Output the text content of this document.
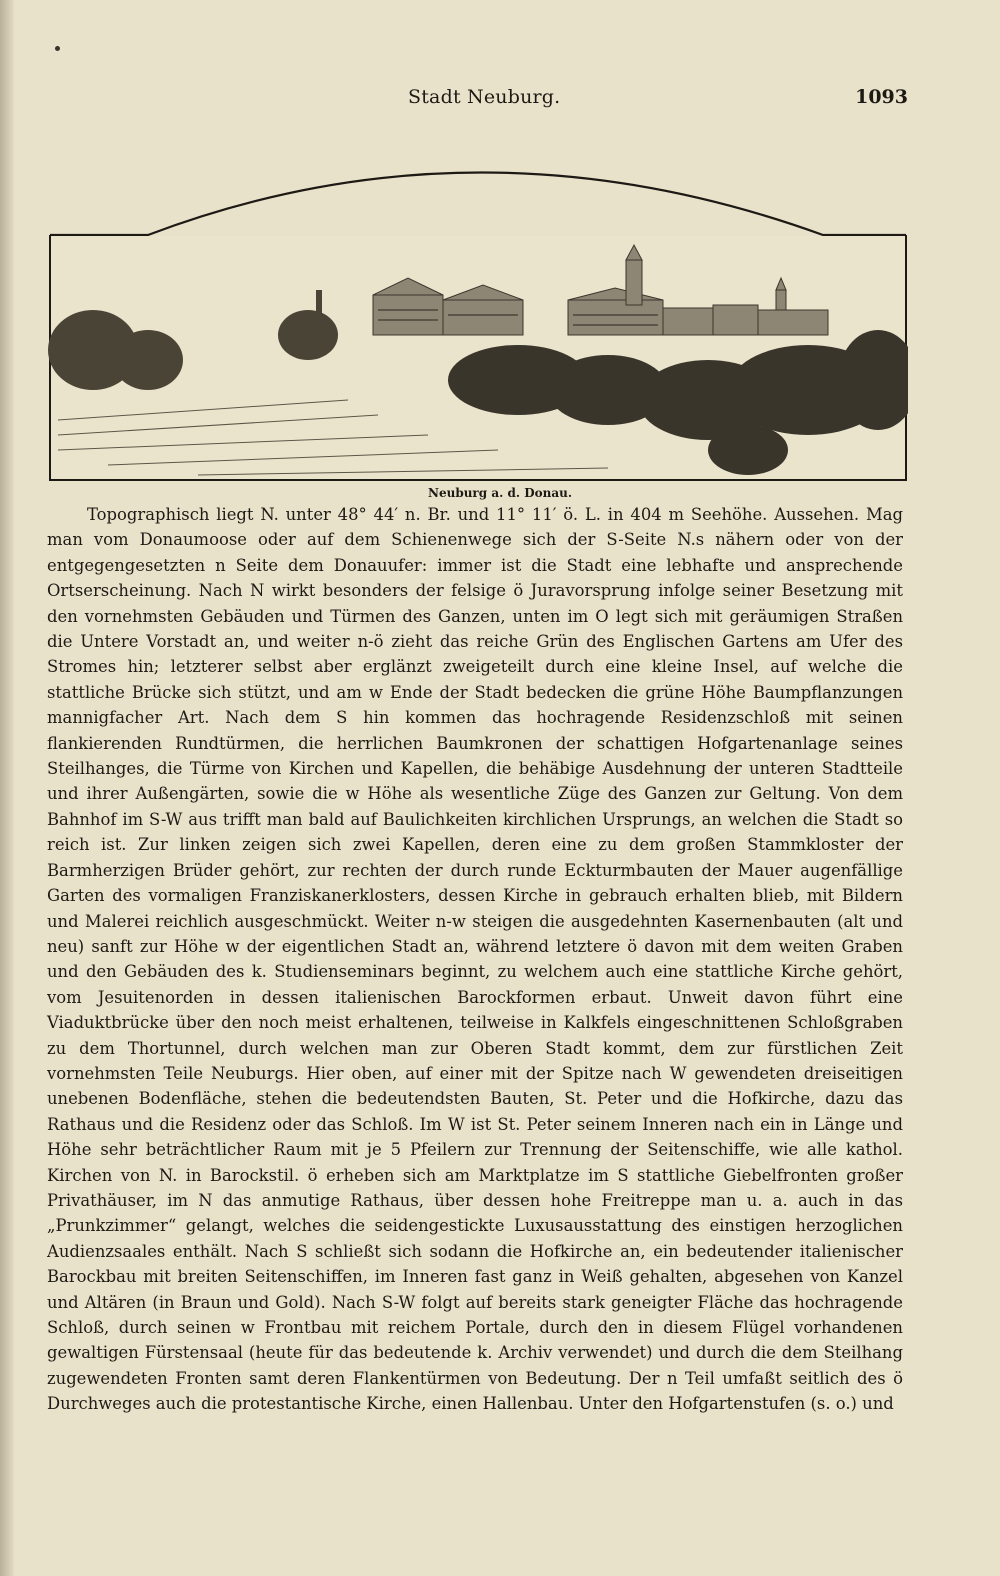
Stadt Neuburg.	1093
Neuburg a. d. Donau.

Topographisch liegt N. unter 48° 44′ n. Br. und 11° 11′ ö. L. in 404 m Seehöhe. Aussehen. Mag man vom Donaumoose oder auf dem Schienenwege sich der S-Seite N.s nähern oder von der entgegengesetzten n Seite dem Donauufer: immer ist die Stadt eine lebhafte und ansprechende Ortserscheinung. Nach N wirkt besonders der felsige ö Juravorsprung infolge seiner Besetzung mit den vornehmsten Gebäuden und Türmen des Ganzen, unten im O legt sich mit geräumigen Straßen die Untere Vorstadt an, und weiter n-ö zieht das reiche Grün des Englischen Gartens am Ufer des Stromes hin; letzterer selbst aber erglänzt zweigeteilt durch eine kleine Insel, auf welche die stattliche Brücke sich stützt, und am w Ende der Stadt bedecken die grüne Höhe Baumpflanzungen mannigfacher Art. Nach dem S hin kommen das hochragende Residenzschloß mit seinen flankierenden Rundtürmen, die herrlichen Baumkronen der schattigen Hofgartenanlage seines Steilhanges, die Türme von Kirchen und Kapellen, die behäbige Ausdehnung der unteren Stadtteile und ihrer Außengärten, sowie die w Höhe als wesentliche Züge des Ganzen zur Geltung. Von dem Bahnhof im S-W aus trifft man bald auf Baulichkeiten kirchlichen Ursprungs, an welchen die Stadt so reich ist. Zur linken zeigen sich zwei Kapellen, deren eine zu dem großen Stammkloster der Barmherzigen Brüder gehört, zur rechten der durch runde Eckturmbauten der Mauer augenfällige Garten des vormaligen Franziskanerklosters, dessen Kirche in gebrauch erhalten blieb, mit Bildern und Malerei reichlich ausgeschmückt. Weiter n-w steigen die ausgedehnten Kasernenbauten (alt und neu) sanft zur Höhe w der eigentlichen Stadt an, während letztere ö davon mit dem weiten Graben und den Gebäuden des k. Studienseminars beginnt, zu welchem auch eine stattliche Kirche gehört, vom Jesuitenorden in dessen italienischen Barockformen erbaut. Unweit davon führt eine Viaduktbrücke über den noch meist erhaltenen, teilweise in Kalkfels eingeschnittenen Schloßgraben zu dem Thortunnel, durch welchen man zur Oberen Stadt kommt, dem zur fürstlichen Zeit vornehmsten Teile Neuburgs. Hier oben, auf einer mit der Spitze nach W gewendeten dreiseitigen unebenen Bodenfläche, stehen die bedeutendsten Bauten, St. Peter und die Hofkirche, dazu das Rathaus und die Residenz oder das Schloß. Im W ist St. Peter seinem Inneren nach ein in Länge und Höhe sehr beträchtlicher Raum mit je 5 Pfeilern zur Trennung der Seitenschiffe, wie alle kathol. Kirchen von N. in Barockstil. ö erheben sich am Marktplatze im S stattliche Giebelfronten großer Privathäuser, im N das anmutige Rathaus, über dessen hohe Freitreppe man u. a. auch in das „Prunkzimmer“ gelangt, welches die seidengestickte Luxusausstattung des einstigen herzoglichen Audienzsaales enthält. Nach S schließt sich sodann die Hofkirche an, ein bedeutender italienischer Barockbau mit breiten Seitenschiffen, im Inneren fast ganz in Weiß gehalten, abgesehen von Kanzel und Altären (in Braun und Gold). Nach S-W folgt auf bereits stark geneigter Fläche das hochragende Schloß, durch seinen w Frontbau mit reichem Portale, durch den in diesem Flügel vorhandenen gewaltigen Fürstensaal (heute für das bedeutende k. Archiv verwendet) und durch die dem Steilhang zugewendeten Fronten samt deren Flankentürmen von Bedeutung. Der n Teil umfaßt seitlich des ö Durchweges auch die protestantische Kirche, einen Hallenbau. Unter den Hofgartenstufen (s. o.) und
